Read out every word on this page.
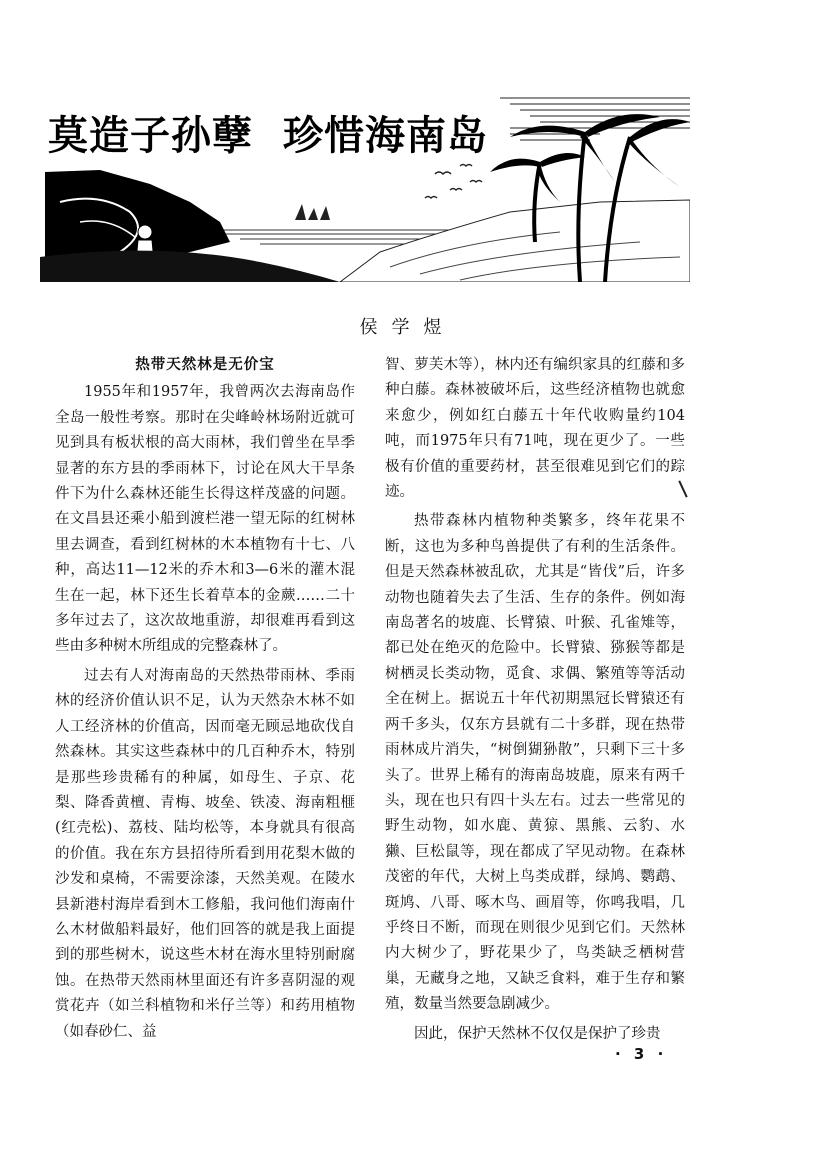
莫造子孙孽 珍惜海南岛
侯学煜
热带天然林是无价宝

1955年和1957年，我曾两次去海南岛作全岛一般性考察。那时在尖峰岭林场附近就可见到具有板状根的高大雨林，我们曾坐在旱季显著的东方县的季雨林下，讨论在风大干旱条件下为什么森林还能生长得这样茂盛的问题。在文昌县还乘小船到渡栏港一望无际的红树林里去调查，看到红树林的木本植物有十七、八种，高达11—12米的乔木和3—6米的灌木混生在一起，林下还生长着草本的金蕨……二十多年过去了，这次故地重游，却很难再看到这些由多种树木所组成的完整森林了。

过去有人对海南岛的天然热带雨林、季雨林的经济价值认识不足，认为天然杂木林不如人工经济林的价值高，因而毫无顾忌地砍伐自然森林。其实这些森林中的几百种乔木，特别是那些珍贵稀有的种属，如母生、子京、花梨、降香黄檀、青梅、坡垒、铁凌、海南粗榧(红壳松)、荔枝、陆均松等，本身就具有很高的价值。我在东方县招待所看到用花梨木做的沙发和桌椅，不需要涂漆，天然美观。在陵水县新港村海岸看到木工修船，我问他们海南什么木材做船料最好，他们回答的就是我上面提到的那些树木，说这些木材在海水里特别耐腐蚀。在热带天然雨林里面还有许多喜阴湿的观赏花卉（如兰科植物和米仔兰等）和药用植物（如春砂仁、益

智、萝芙木等），林内还有编织家具的红藤和多种白藤。森林被破坏后，这些经济植物也就愈来愈少，例如红白藤五十年代收购量约104吨，而1975年只有71吨，现在更少了。一些极有价值的重要药材，甚至很难见到它们的踪迹。

热带森林内植物种类繁多，终年花果不断，这也为多种鸟兽提供了有利的生活条件。但是天然森林被乱砍，尤其是“皆伐”后，许多动物也随着失去了生活、生存的条件。例如海南岛著名的坡鹿、长臂猿、叶猴、孔雀雉等，都已处在绝灭的危险中。长臂猿、猕猴等都是树栖灵长类动物，觅食、求偶、繁殖等等活动全在树上。据说五十年代初期黑冠长臂猿还有两千多头，仅东方县就有二十多群，现在热带雨林成片消失，“树倒猢狲散”，只剩下三十多头了。世界上稀有的海南岛坡鹿，原来有两千头，现在也只有四十头左右。过去一些常见的野生动物，如水鹿、黄猄、黑熊、云豹、水獭、巨松鼠等，现在都成了罕见动物。在森林茂密的年代，大树上鸟类成群，绿鸠、鹦鹉、斑鸠、八哥、啄木鸟、画眉等，你鸣我唱，几乎终日不断，而现在则很少见到它们。天然林内大树少了，野花果少了，鸟类缺乏栖树营巢，无藏身之地，又缺乏食料，难于生存和繁殖，数量当然要急剧减少。

因此，保护天然林不仅仅是保护了珍贵

· 3 ·
